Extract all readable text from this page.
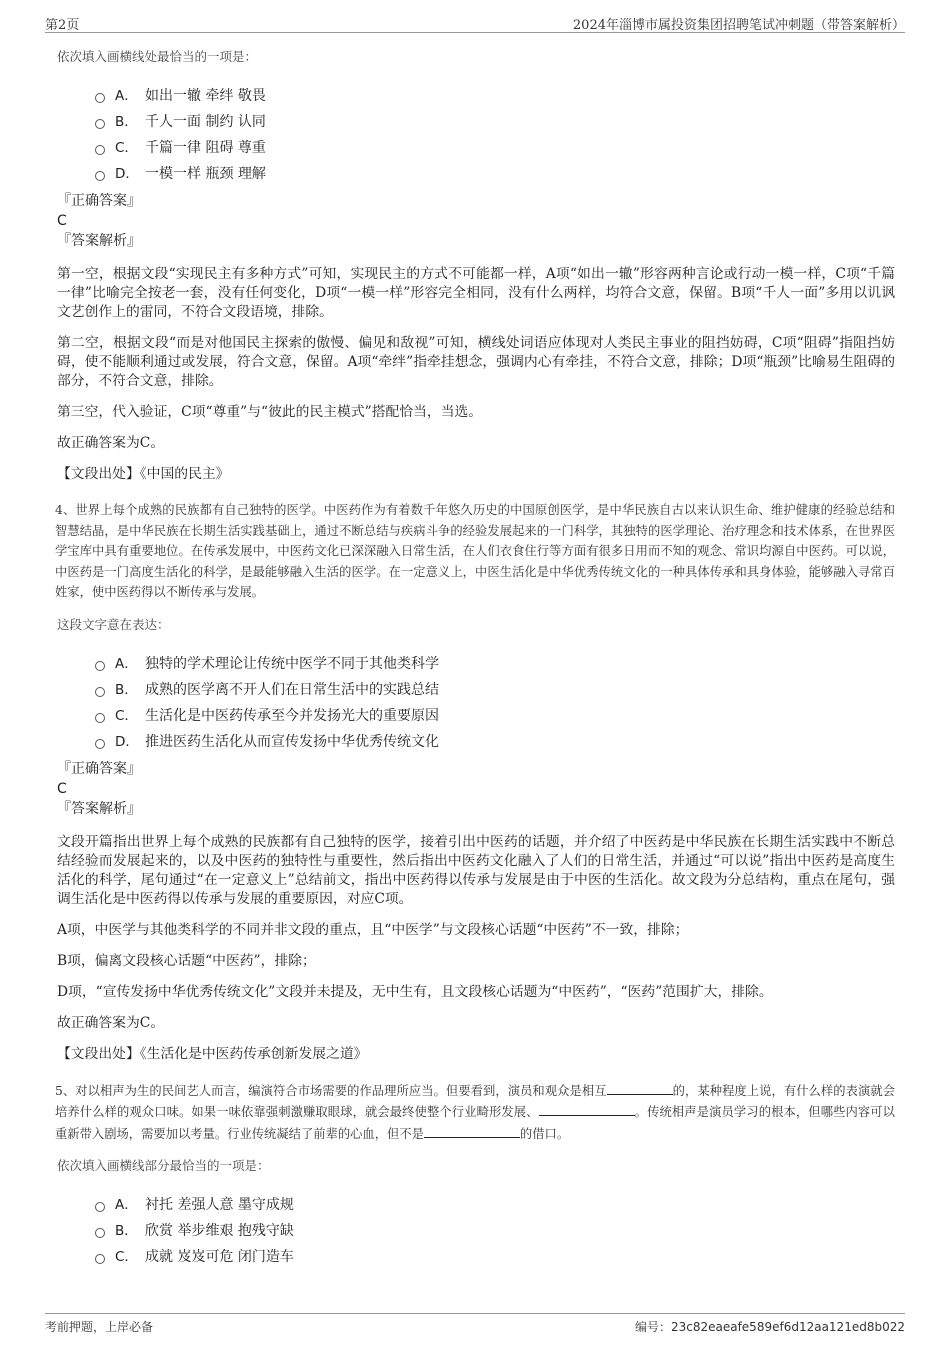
第2页	2024年淄博市属投资集团招聘笔试冲刺题（带答案解析）
依次填入画横线处最恰当的一项是：
A． 如出一辙 牵绊 敬畏
B． 千人一面 制约 认同
C． 千篇一律 阻碍 尊重
D． 一模一样 瓶颈 理解
『正确答案』
C
『答案解析』
第一空，根据文段“实现民主有多种方式”可知，实现民主的方式不可能都一样，A项“如出一辙”形容两种言论或行动一模一样，C项“千篇一律”比喻完全按老一套，没有任何变化，D项“一模一样”形容完全相同，没有什么两样，均符合文意，保留。B项“千人一面”多用以讥讽文艺创作上的雷同，不符合文段语境，排除。
第二空，根据文段“而是对他国民主探索的傲慢、偏见和敌视”可知，横线处词语应体现对人类民主事业的阻挡妨碍，C项“阻碍”指阻挡妨碍，使不能顺利通过或发展，符合文意，保留。A项“牵绊”指牵挂想念，强调内心有牵挂，不符合文意，排除；D项“瓶颈”比喻易生阻碍的部分，不符合文意，排除。
第三空，代入验证，C项“尊重”与“彼此的民主模式”搭配恰当，当选。
故正确答案为C。
【文段出处】《中国的民主》
4、世界上每个成熟的民族都有自己独特的医学。中医药作为有着数千年悠久历史的中国原创医学，是中华民族自古以来认识生命、维护健康的经验总结和智慧结晶，是中华民族在长期生活实践基础上，通过不断总结与疾病斗争的经验发展起来的一门科学，其独特的医学理论、治疗理念和技术体系，在世界医学宝库中具有重要地位。在传承发展中，中医药文化已深深融入日常生活，在人们衣食住行等方面有很多日用而不知的观念、常识均源自中医药。可以说，中医药是一门高度生活化的科学，是最能够融入生活的医学。在一定意义上，中医生活化是中华优秀传统文化的一种具体传承和具身体验，能够融入寻常百姓家，使中医药得以不断传承与发展。
这段文字意在表达：
A． 独特的学术理论让传统中医学不同于其他类科学
B． 成熟的医学离不开人们在日常生活中的实践总结
C． 生活化是中医药传承至今并发扬光大的重要原因
D． 推进医药生活化从而宣传发扬中华优秀传统文化
『正确答案』
C
『答案解析』
文段开篇指出世界上每个成熟的民族都有自己独特的医学，接着引出中医药的话题，并介绍了中医药是中华民族在长期生活实践中不断总结经验而发展起来的，以及中医药的独特性与重要性，然后指出中医药文化融入了人们的日常生活，并通过“可以说”指出中医药是高度生活化的科学，尾句通过“在一定意义上”总结前文，指出中医药得以传承与发展是由于中医的生活化。故文段为分总结构，重点在尾句，强调生活化是中医药得以传承与发展的重要原因，对应C项。
A项，中医学与其他类科学的不同并非文段的重点，且“中医学”与文段核心话题“中医药”不一致，排除；
B项，偏离文段核心话题“中医药”，排除；
D项，“宣传发扬中华优秀传统文化”文段并未提及，无中生有，且文段核心话题为“中医药”，“医药”范围扩大，排除。
故正确答案为C。
【文段出处】《生活化是中医药传承创新发展之道》
5、对以相声为生的民间艺人而言，编演符合市场需要的作品理所应当。但要看到，演员和观众是相互	的，某种程度上说，有什么样的表演就会培养什么样的观众口味。如果一味依靠强刺激赚取眼球，就会最终使整个行业畸形发展、	。传统相声是演员学习的根本，但哪些内容可以重新带入剧场，需要加以考量。行业传统凝结了前辈的心血，但不是	的借口。
依次填入画横线部分最恰当的一项是：
A． 衬托 差强人意 墨守成规
B． 欣赏 举步维艰 抱残守缺
C． 成就 岌岌可危 闭门造车
考前押题，上岸必备	编号：23c82eaeafe589ef6d12aa121ed8b022
